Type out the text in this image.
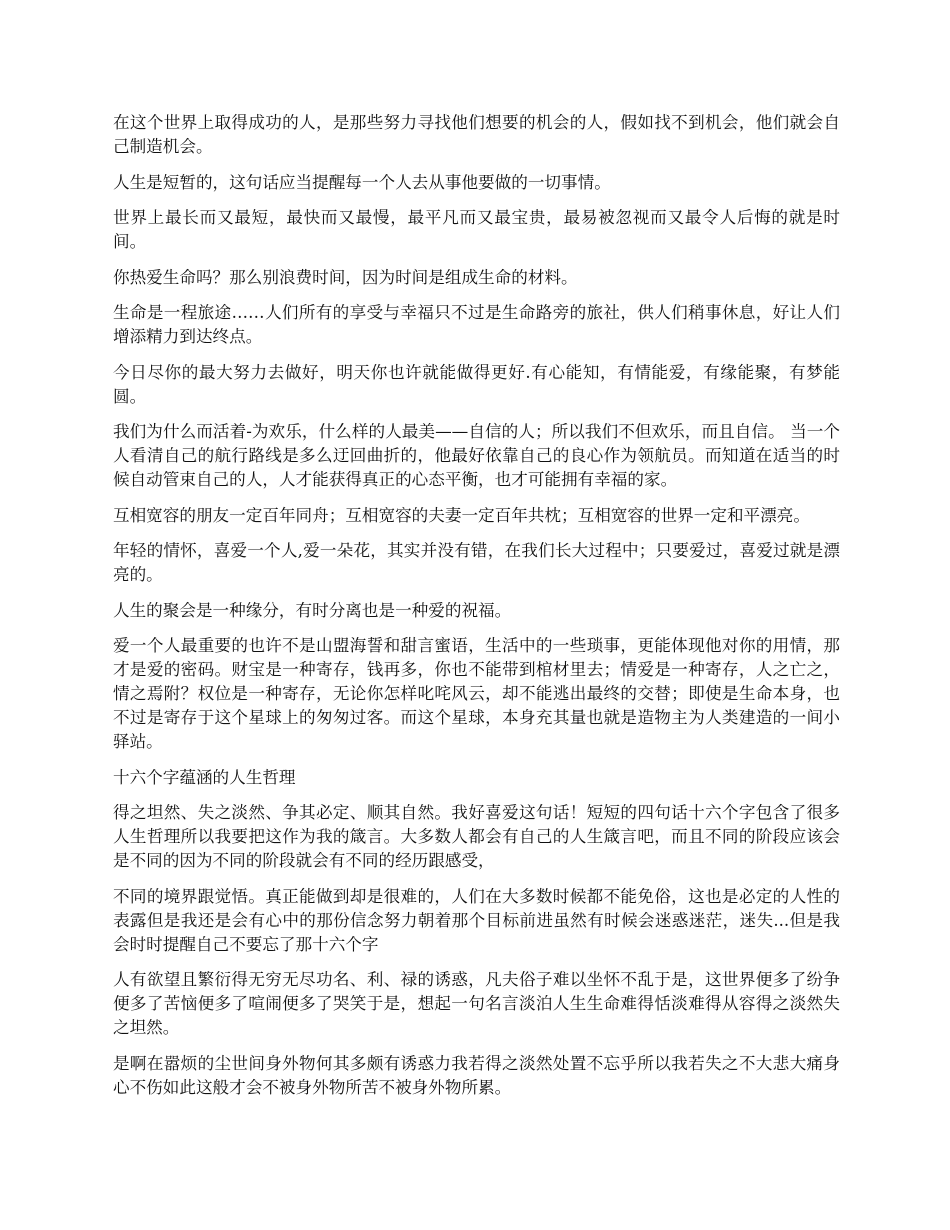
在这个世界上取得成功的人，是那些努力寻找他们想要的机会的人，假如找不到机会，他们就会自己制造机会。

人生是短暂的，这句话应当提醒每一个人去从事他要做的一切事情。

世界上最长而又最短，最快而又最慢，最平凡而又最宝贵，最易被忽视而又最令人后悔的就是时间。

你热爱生命吗？那么别浪费时间，因为时间是组成生命的材料。

生命是一程旅途……人们所有的享受与幸福只不过是生命路旁的旅社，供人们稍事休息，好让人们增添精力到达终点。

今日尽你的最大努力去做好，明天你也许就能做得更好.有心能知，有情能爱，有缘能聚，有梦能圆。

我们为什么而活着-为欢乐，什么样的人最美——自信的人；所以我们不但欢乐，而且自信。 当一个人看清自己的航行路线是多么迂回曲折的，他最好依靠自己的良心作为领航员。而知道在适当的时候自动管束自己的人，人才能获得真正的心态平衡，也才可能拥有幸福的家。

互相宽容的朋友一定百年同舟；互相宽容的夫妻一定百年共枕；互相宽容的世界一定和平漂亮。

年轻的情怀，喜爱一个人,爱一朵花，其实并没有错，在我们长大过程中；只要爱过，喜爱过就是漂亮的。

人生的聚会是一种缘分，有时分离也是一种爱的祝福。

爱一个人最重要的也许不是山盟海誓和甜言蜜语，生活中的一些琐事，更能体现他对你的用情，那才是爱的密码。财宝是一种寄存，钱再多，你也不能带到棺材里去；情爱是一种寄存，人之亡之，情之焉附？权位是一种寄存，无论你怎样叱咤风云，却不能逃出最终的交替；即使是生命本身，也不过是寄存于这个星球上的匆匆过客。而这个星球，本身充其量也就是造物主为人类建造的一间小驿站。

十六个字蕴涵的人生哲理

得之坦然、失之淡然、争其必定、顺其自然。我好喜爱这句话！短短的四句话十六个字包含了很多人生哲理所以我要把这作为我的箴言。大多数人都会有自己的人生箴言吧，而且不同的阶段应该会是不同的因为不同的阶段就会有不同的经历跟感受，

不同的境界跟觉悟。真正能做到却是很难的，人们在大多数时候都不能免俗，这也是必定的人性的表露但是我还是会有心中的那份信念努力朝着那个目标前进虽然有时候会迷惑迷茫，迷失...但是我会时时提醒自己不要忘了那十六个字

人有欲望且繁衍得无穷无尽功名、利、禄的诱惑，凡夫俗子难以坐怀不乱于是，这世界便多了纷争便多了苦恼便多了喧闹便多了哭笑于是，想起一句名言淡泊人生生命难得恬淡难得从容得之淡然失之坦然。

是啊在嚣烦的尘世间身外物何其多颇有诱惑力我若得之淡然处置不忘乎所以我若失之不大悲大痛身心不伤如此这般才会不被身外物所苦不被身外物所累。
